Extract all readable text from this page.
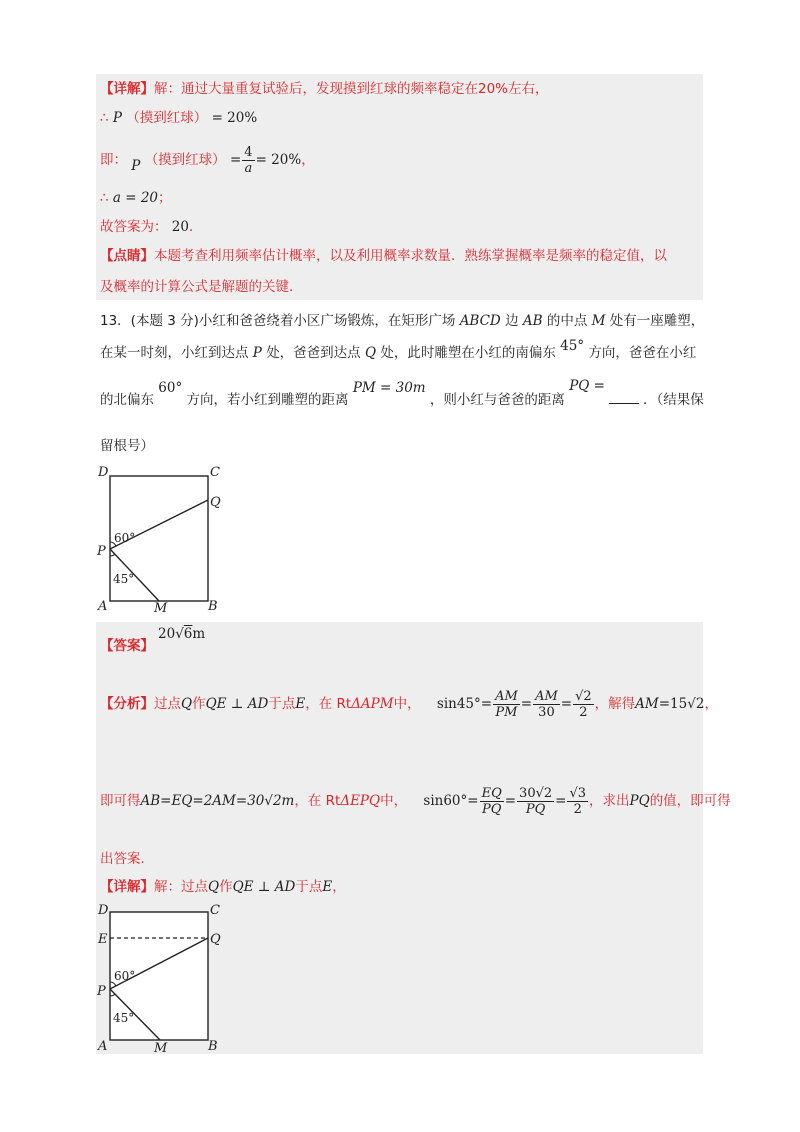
【详解】解：通过大量重复试验后，发现摸到红球的频率稳定在20%左右，
∴ P （摸到红球） = 20%
即： P （摸到红球） = $\frac{4}{a} = 20\%$，
∴ a = 20；
故答案为： 20．
【点睛】本题考查利用频率估计概率，以及利用概率求数量．熟练掌握概率是频率的稳定值，以
及概率的计算公式是解题的关键．
13．(本题 3 分)小红和爸爸绕着小区广场锻炼，在矩形广场 ABCD 边 AB 的中点 M 处有一座雕塑，
在某一时刻，小红到达点 P 处，爸爸到达点 Q 处，此时雕塑在小红的南偏东 45° 方向，爸爸在小红
的北偏东 60° 方向，若小红到雕塑的距离 PM = 30m ，则小红与爸爸的距离 PQ =．（结果保
留根号）
D	C
Q
P
A	M	B
60°
45°
【答案】
20√6m
【分析】过点Q作QE ⊥ AD于点E，在 RtΔAPM中， $\sin 45^\circ= \frac{AM}{PM} = \frac{AM}{30} = \frac{√2}{2}$ ，解得AM=15√2，
即可得AB=EQ=2AM=30√2m，在 RtΔEPQ中， $\sin 60^\circ= \frac{EQ}{PQ} = \frac{30√2}{PQ} = \frac{√3}{2}$ ，求出PQ的值，即可得
出答案．
【详解】解：过点Q作QE ⊥ AD于点E，
D	C
E	Q
P
A	M	B
60°
45°
